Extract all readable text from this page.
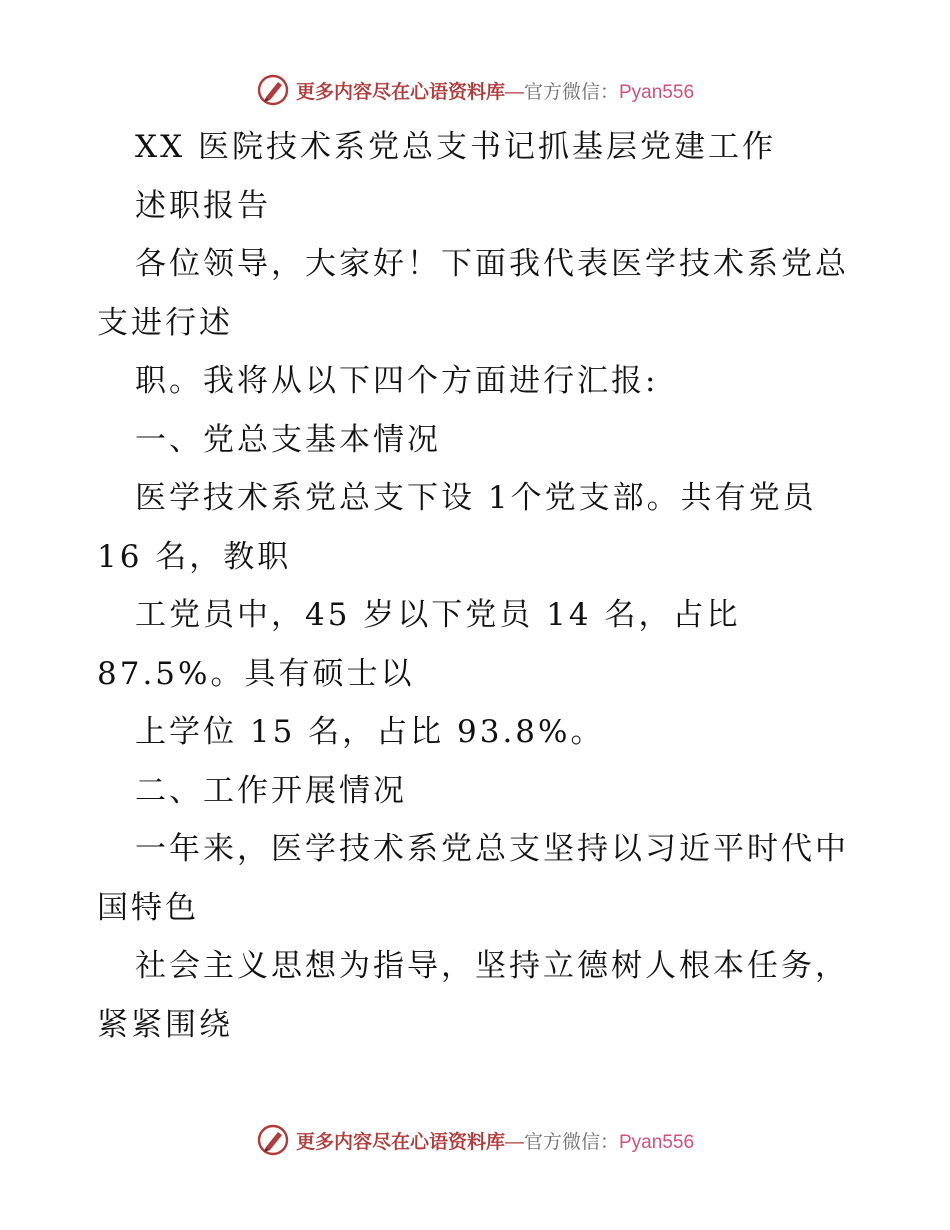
更多内容尽在心语资料库—官方微信：Pyan556
XX 医院技术系党总支书记抓基层党建工作
述职报告
各位领导，大家好！下面我代表医学技术系党总
支进行述
职。我将从以下四个方面进行汇报:
一、党总支基本情况
医学技术系党总支下设 1个党支部。共有党员
16 名，教职
工党员中，45 岁以下党员 14 名，占比
87.5%。具有硕士以
上学位 15 名，占比 93.8%。
二、工作开展情况
一年来，医学技术系党总支坚持以习近平时代中
国特色
社会主义思想为指导，坚持立德树人根本任务，
紧紧围绕
更多内容尽在心语资料库—官方微信：Pyan556
